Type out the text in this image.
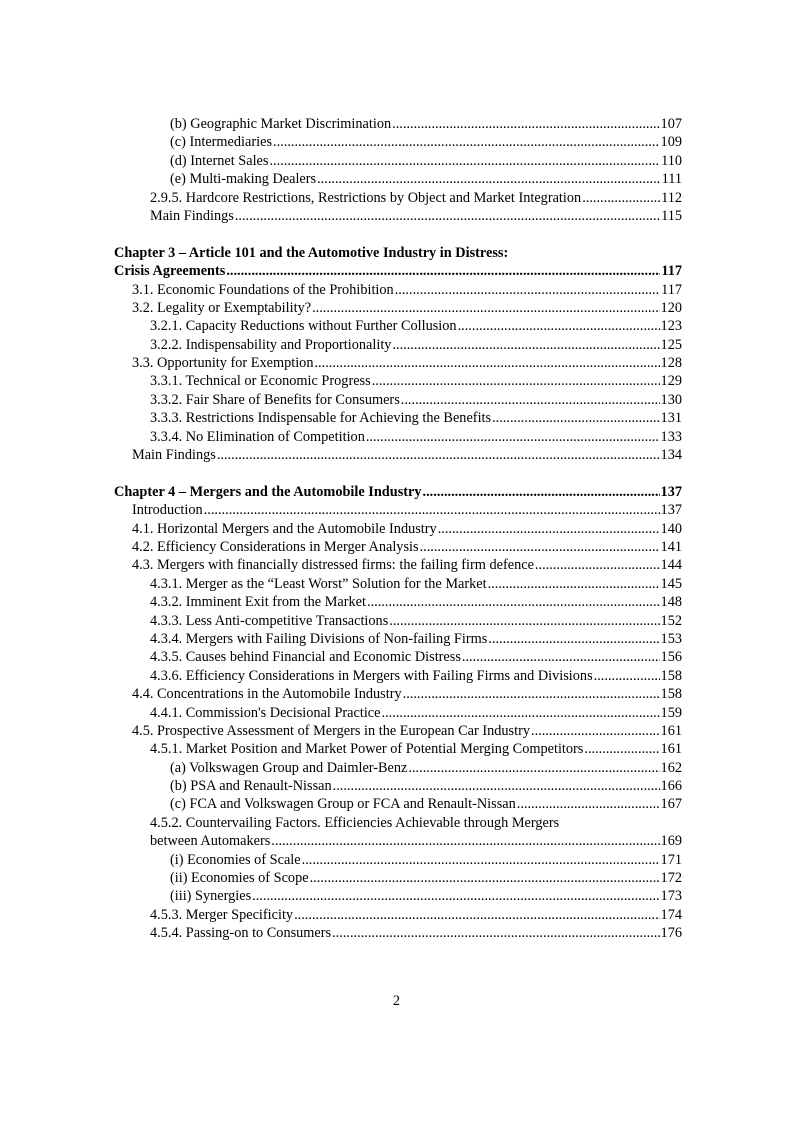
(b) Geographic Market Discrimination .....	107
(c) Intermediaries .....	109
(d) Internet Sales .....	110
(e) Multi-making Dealers .....	111
2.9.5. Hardcore Restrictions, Restrictions by Object and Market Integration .....	112
Main Findings .....	115
Chapter 3 – Article 101 and the Automotive Industry in Distress:
Crisis Agreements .....	117
3.1. Economic Foundations of the Prohibition .....	117
3.2. Legality or Exemptability? .....	120
3.2.1. Capacity Reductions without Further Collusion .....	123
3.2.2. Indispensability and Proportionality .....	125
3.3. Opportunity for Exemption .....	128
3.3.1. Technical or Economic Progress .....	129
3.3.2. Fair Share of Benefits for Consumers .....	130
3.3.3. Restrictions Indispensable for Achieving the Benefits .....	131
3.3.4. No Elimination of Competition .....	133
Main Findings .....	134
Chapter 4 – Mergers and the Automobile Industry .....	137
Introduction .....	137
4.1. Horizontal Mergers and the Automobile Industry .....	140
4.2. Efficiency Considerations in Merger Analysis .....	141
4.3. Mergers with financially distressed firms: the failing firm defence .....	144
4.3.1. Merger as the “Least Worst” Solution for the Market .....	145
4.3.2. Imminent Exit from the Market .....	148
4.3.3. Less Anti-competitive Transactions .....	152
4.3.4. Mergers with Failing Divisions of Non-failing Firms .....	153
4.3.5. Causes behind Financial and Economic Distress .....	156
4.3.6. Efficiency Considerations in Mergers with Failing Firms and Divisions .....	158
4.4. Concentrations in the Automobile Industry .....	158
4.4.1. Commission's Decisional Practice .....	159
4.5. Prospective Assessment of Mergers in the European Car Industry .....	161
4.5.1. Market Position and Market Power of Potential Merging Competitors .....	161
(a) Volkswagen Group and Daimler-Benz .....	162
(b) PSA and Renault-Nissan .....	166
(c) FCA and Volkswagen Group or FCA and Renault-Nissan .....	167
4.5.2. Countervailing Factors. Efficiencies Achievable through Mergers
between Automakers .....	169
(i) Economies of Scale .....	171
(ii) Economies of Scope .....	172
(iii) Synergies .....	173
4.5.3. Merger Specificity .....	174
4.5.4. Passing-on to Consumers .....	176
2
